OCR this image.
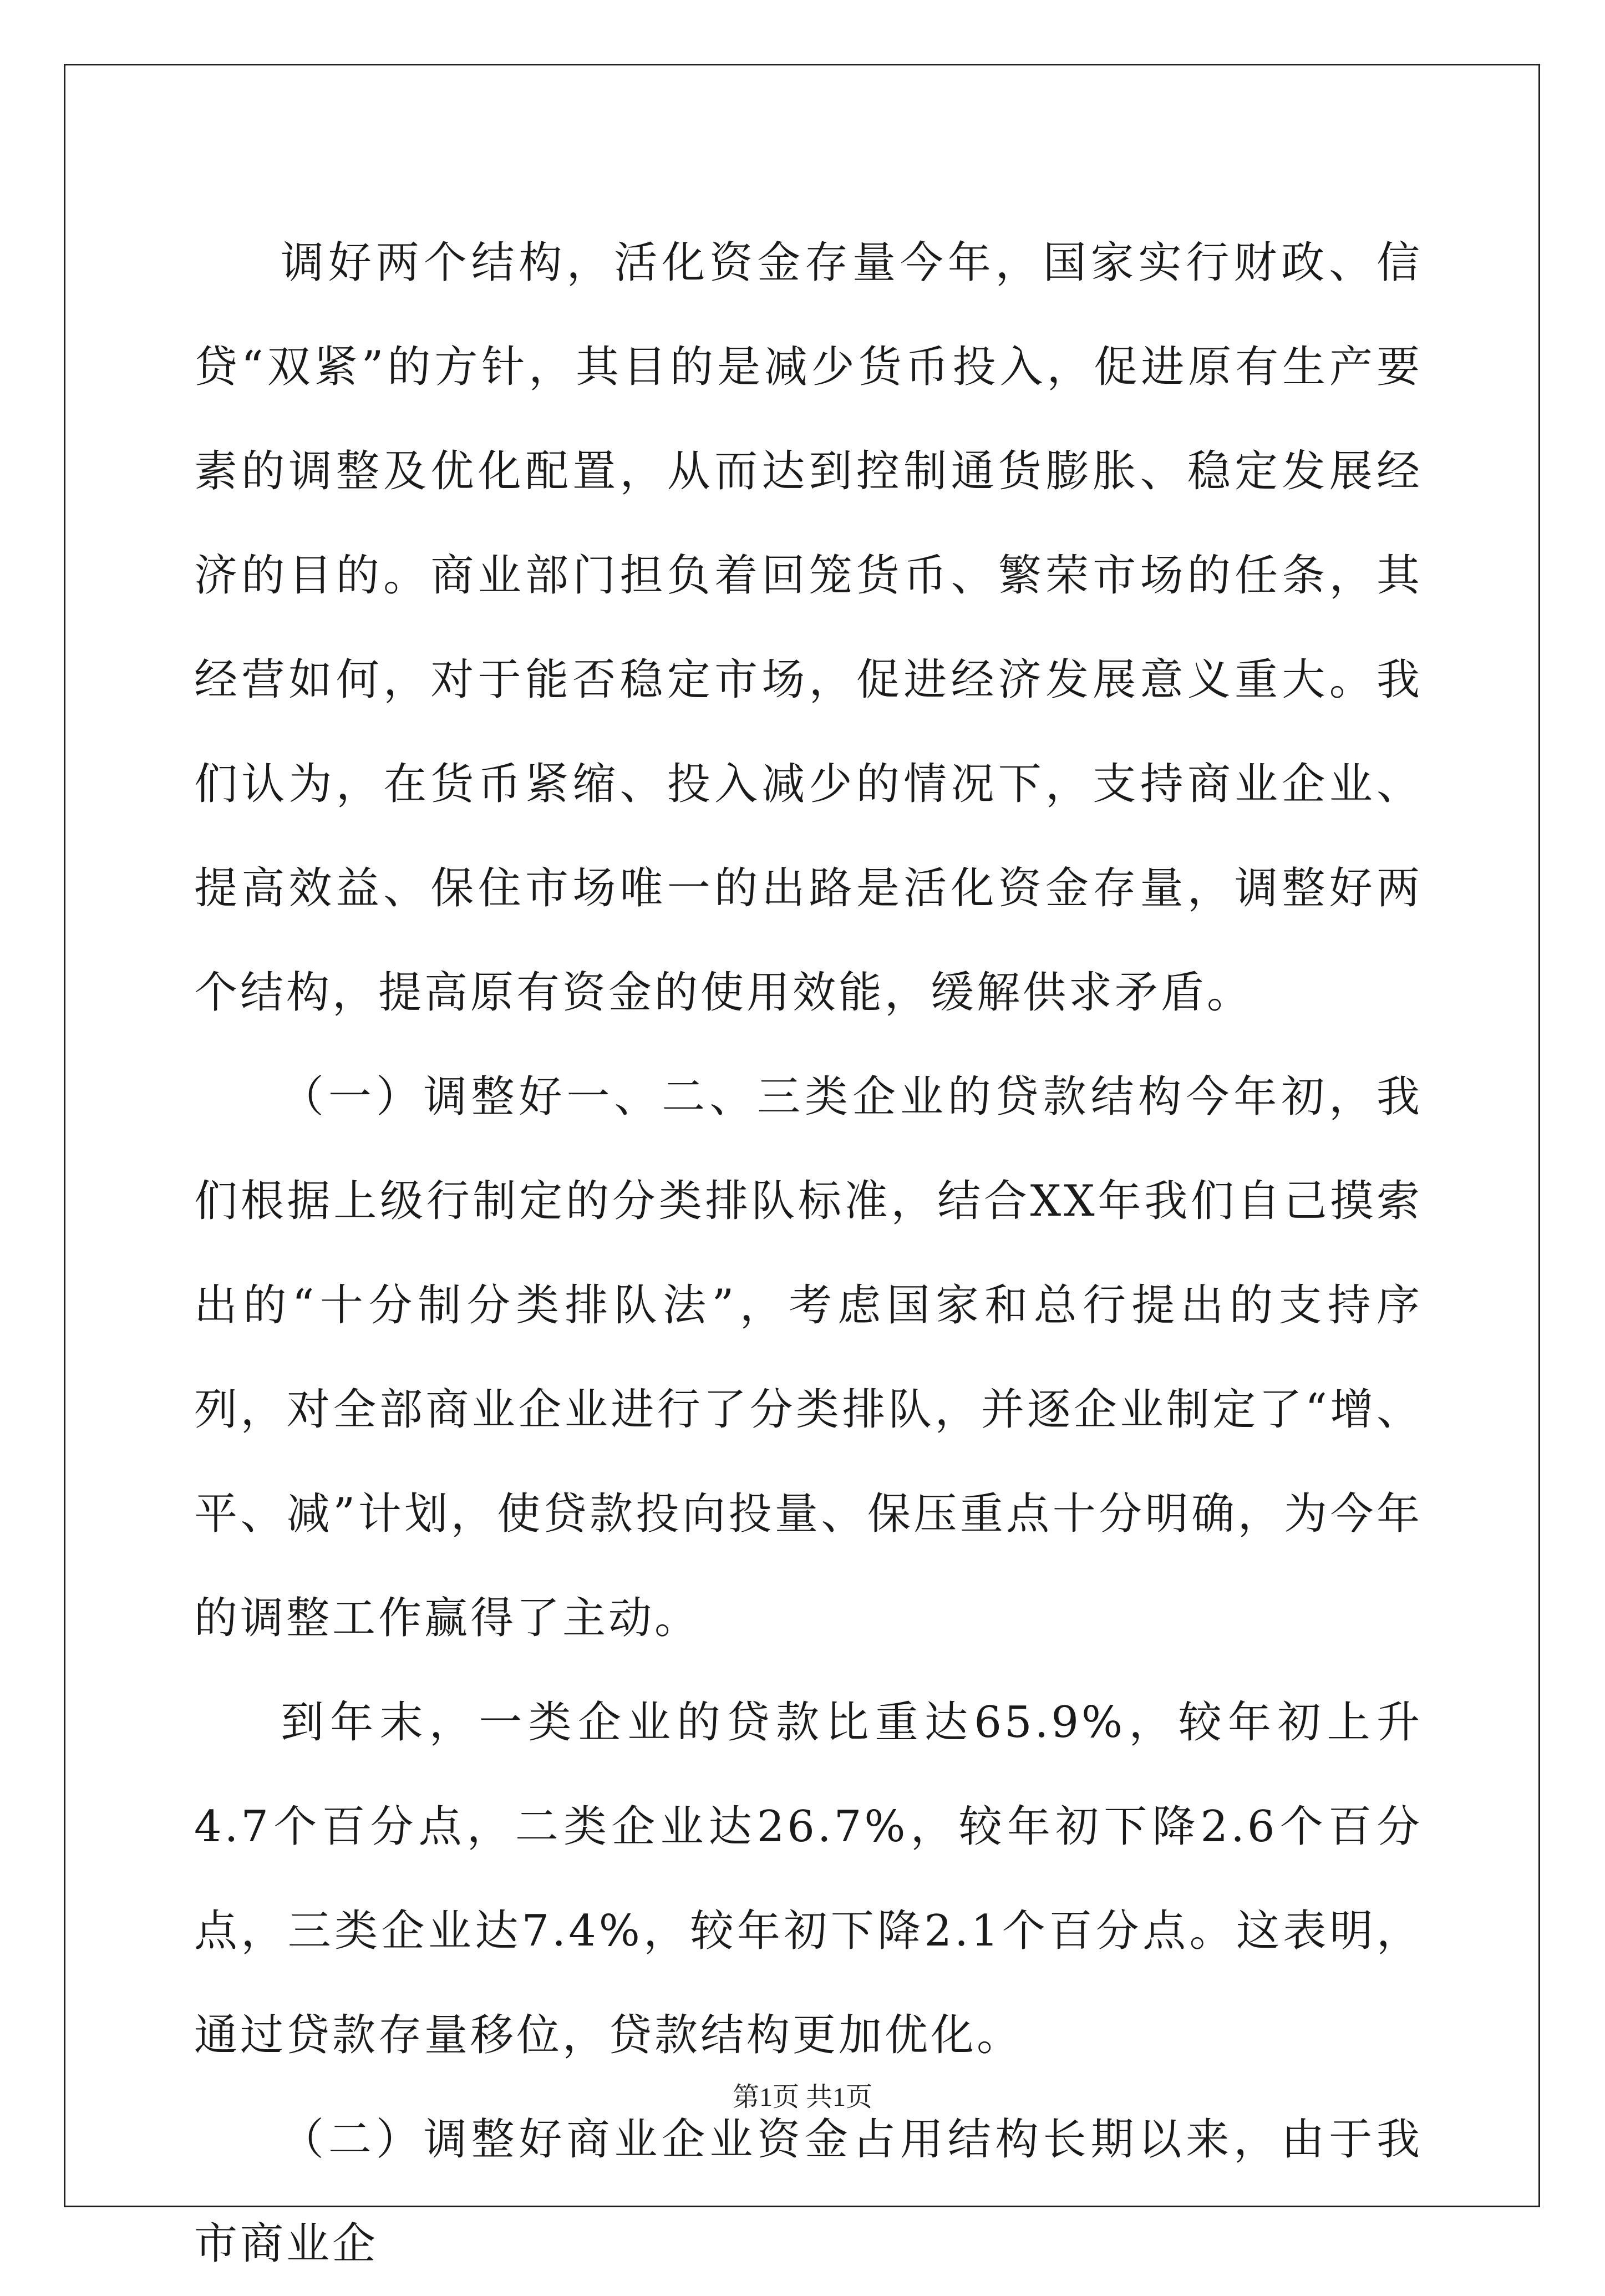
调好两个结构，活化资金存量今年，国家实行财政、信贷“双紧”的方针，其目的是减少货币投入，促进原有生产要素的调整及优化配置，从而达到控制通货膨胀、稳定发展经济的目的。商业部门担负着回笼货币、繁荣市场的任条，其经营如何，对于能否稳定市场，促进经济发展意义重大。我们认为，在货币紧缩、投入减少的情况下，支持商业企业、提高效益、保住市场唯一的出路是活化资金存量，调整好两个结构，提高原有资金的使用效能，缓解供求矛盾。

（一）调整好一、二、三类企业的贷款结构今年初，我们根据上级行制定的分类排队标准，结合XX年我们自己摸索出的“十分制分类排队法”，考虑国家和总行提出的支持序列，对全部商业企业进行了分类排队，并逐企业制定了“增、平、减”计划，使贷款投向投量、保压重点十分明确，为今年的调整工作赢得了主动。

到年末，一类企业的贷款比重达65.9%，较年初上升4.7个百分点，二类企业达26.7%，较年初下降2.6个百分点，三类企业达7.4%，较年初下降2.1个百分点。这表明，通过贷款存量移位，贷款结构更加优化。

（二）调整好商业企业资金占用结构长期以来，由于我市商业企

第1页 共1页
